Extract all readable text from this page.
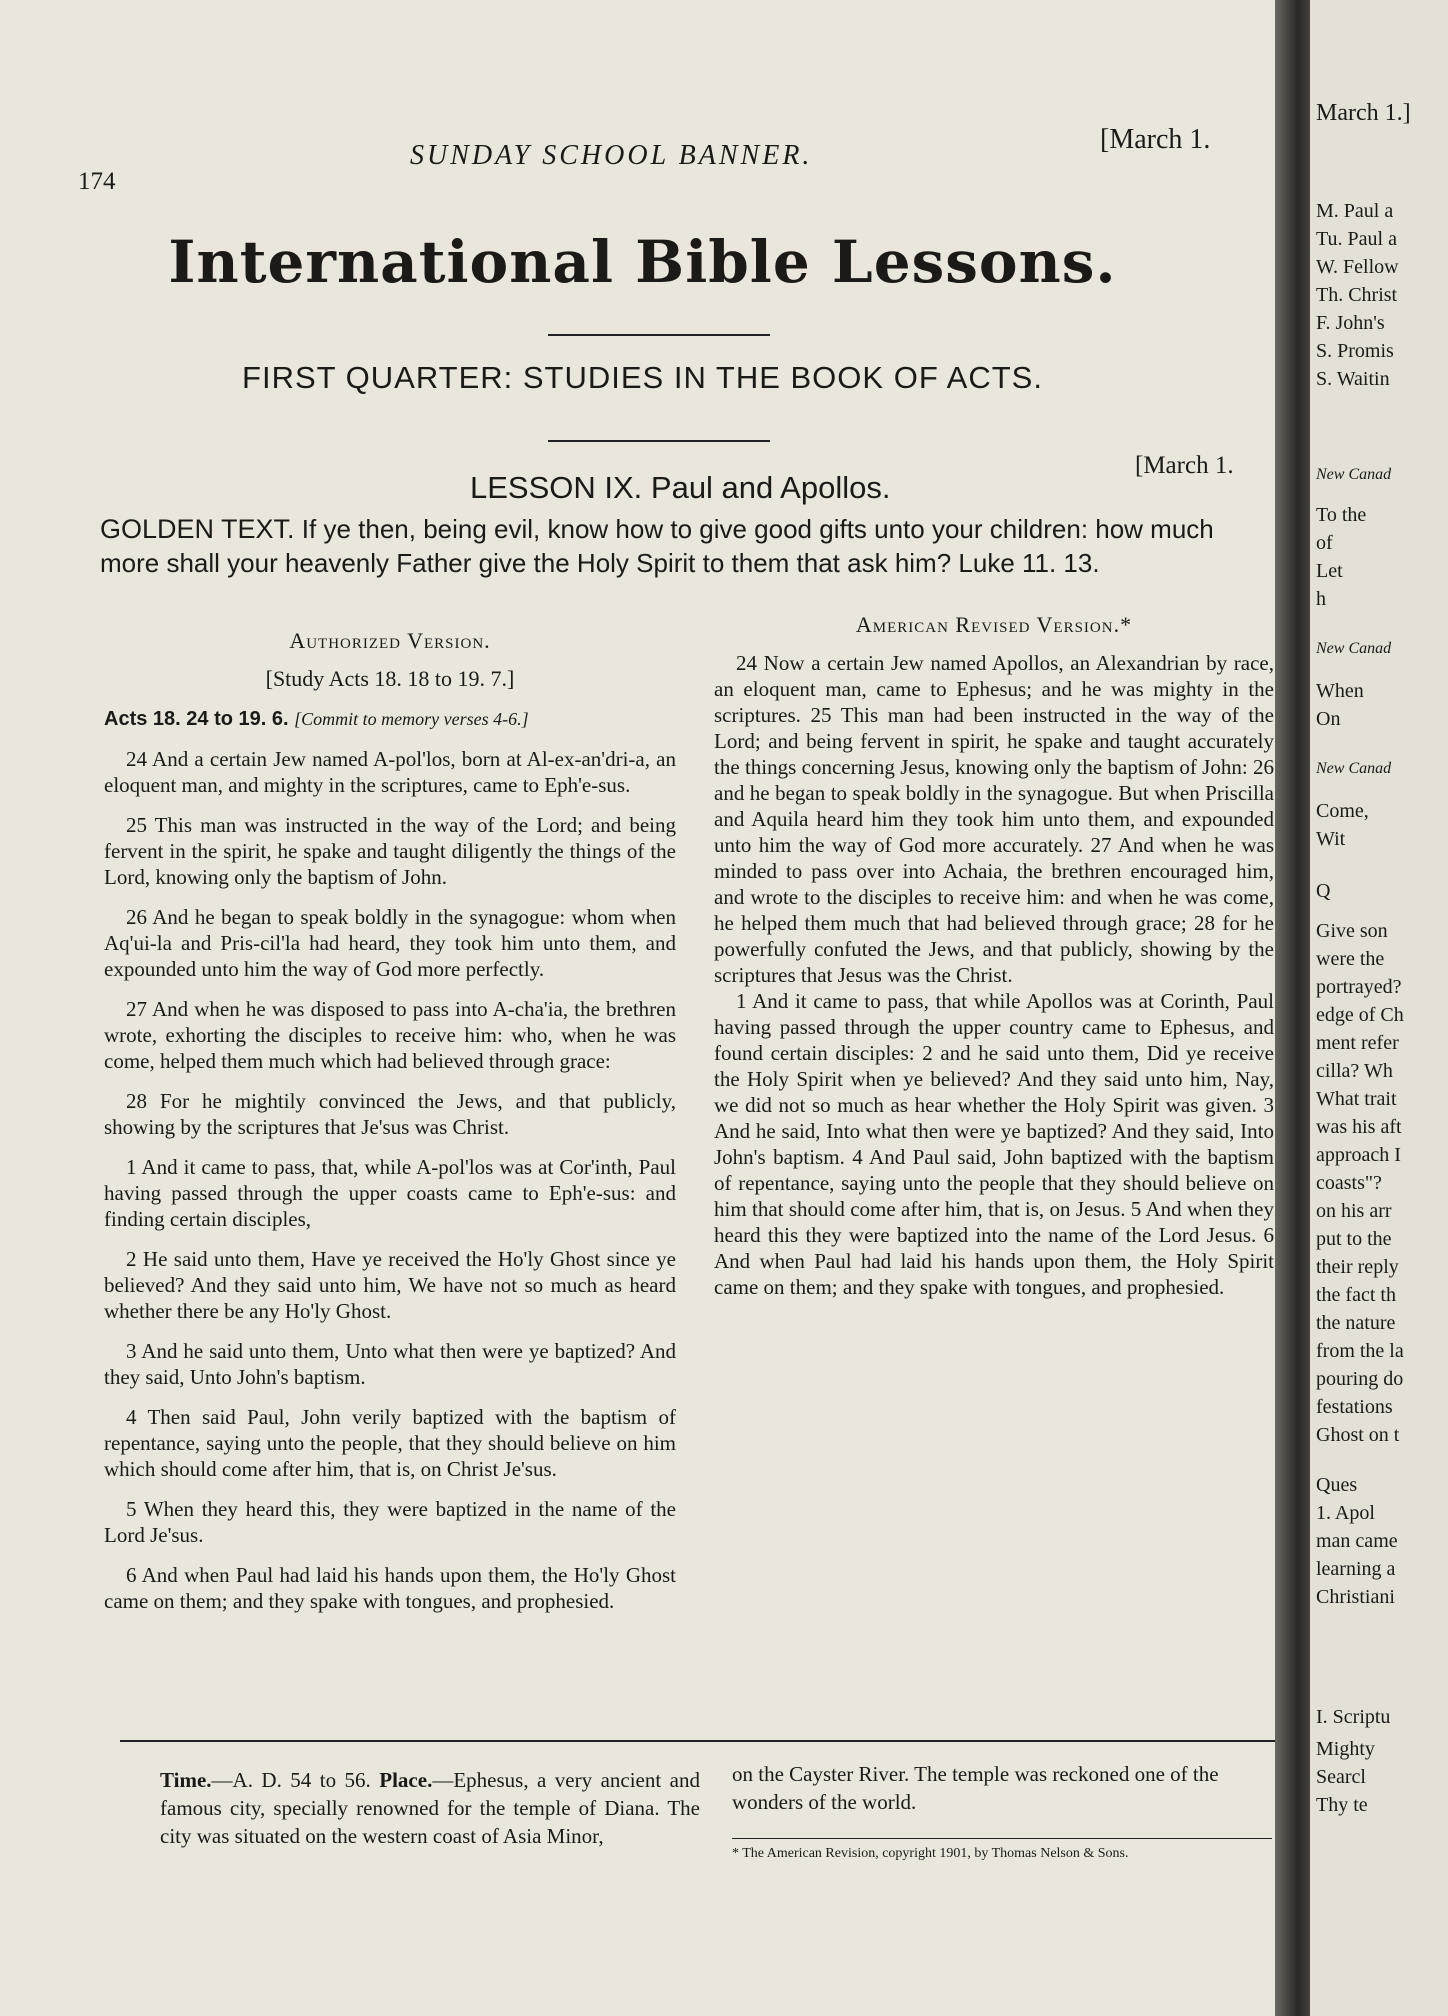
174
SUNDAY SCHOOL BANNER.
[March 1.
International Bible Lessons.
FIRST QUARTER: STUDIES IN THE BOOK OF ACTS.
LESSON IX. Paul and Apollos.
[March 1.
GOLDEN TEXT. If ye then, being evil, know how to give good gifts unto your children: how much more shall your heavenly Father give the Holy Spirit to them that ask him? Luke 11. 13.
Authorized Version.
[Study Acts 18. 18 to 19. 7.]
Acts 18. 24 to 19. 6. [Commit to memory verses 4-6.]

24 And a certain Jew named A-pol'los, born at Al-ex-an'dri-a, an eloquent man, and mighty in the scriptures, came to Eph'e-sus.

25 This man was instructed in the way of the Lord; and being fervent in the spirit, he spake and taught diligently the things of the Lord, knowing only the baptism of John.

26 And he began to speak boldly in the synagogue: whom when Aq'ui-la and Pris-cil'la had heard, they took him unto them, and expounded unto him the way of God more perfectly.

27 And when he was disposed to pass into A-cha'ia, the brethren wrote, exhorting the disciples to receive him: who, when he was come, helped them much which had believed through grace:

28 For he mightily convinced the Jews, and that publicly, showing by the scriptures that Je'sus was Christ.

1 And it came to pass, that, while A-pol'los was at Cor'inth, Paul having passed through the upper coasts came to Eph'e-sus: and finding certain disciples,

2 He said unto them, Have ye received the Ho'ly Ghost since ye believed? And they said unto him, We have not so much as heard whether there be any Ho'ly Ghost.

3 And he said unto them, Unto what then were ye baptized? And they said, Unto John's baptism.

4 Then said Paul, John verily baptized with the baptism of repentance, saying unto the people, that they should believe on him which should come after him, that is, on Christ Je'sus.

5 When they heard this, they were baptized in the name of the Lord Je'sus.

6 And when Paul had laid his hands upon them, the Ho'ly Ghost came on them; and they spake with tongues, and prophesied.

American Revised Version.*

24 Now a certain Jew named Apollos, an Alexandrian by race, an eloquent man, came to Ephesus; and he was mighty in the scriptures. 25 This man had been instructed in the way of the Lord; and being fervent in spirit, he spake and taught accurately the things concerning Jesus, knowing only the baptism of John: 26 and he began to speak boldly in the synagogue. But when Priscilla and Aquila heard him they took him unto them, and expounded unto him the way of God more accurately. 27 And when he was minded to pass over into Achaia, the brethren encouraged him, and wrote to the disciples to receive him: and when he was come, he helped them much that had believed through grace; 28 for he powerfully confuted the Jews, and that publicly, showing by the scriptures that Jesus was the Christ.

1 And it came to pass, that while Apollos was at Corinth, Paul having passed through the upper country came to Ephesus, and found certain disciples: 2 and he said unto them, Did ye receive the Holy Spirit when ye believed? And they said unto him, Nay, we did not so much as hear whether the Holy Spirit was given. 3 And he said, Into what then were ye baptized? And they said, Into John's baptism. 4 And Paul said, John baptized with the baptism of repentance, saying unto the people that they should believe on him that should come after him, that is, on Jesus. 5 And when they heard this they were baptized into the name of the Lord Jesus. 6 And when Paul had laid his hands upon them, the Holy Spirit came on them; and they spake with tongues, and prophesied.

Time.—A. D. 54 to 56. Place.—Ephesus, a very ancient and famous city, specially renowned for the temple of Diana. The city was situated on the western coast of Asia Minor,
on the Cayster River. The temple was reckoned one of the wonders of the world.
* The American Revision, copyright 1901, by Thomas Nelson & Sons.
March 1.]
M. Paul a
Tu. Paul a
W. Fellow
Th. Christ
F. John's
S. Promis
S. Waitin
New Canad
To the
of
Let
h
New Canad
When
On
New Canad
Come,
Wit
Q
Give son
were the
portrayed?
edge of Ch
ment refer
cilla? Wh
What trait
was his aft
approach I
coasts"?
on his arr
put to the
their reply
the fact th
the nature
from the la
pouring do
festations
Ghost on t
Ques
1. Apol
man came
learning a
Christiani
I. Scriptu
Mighty
Searcl
Thy te
